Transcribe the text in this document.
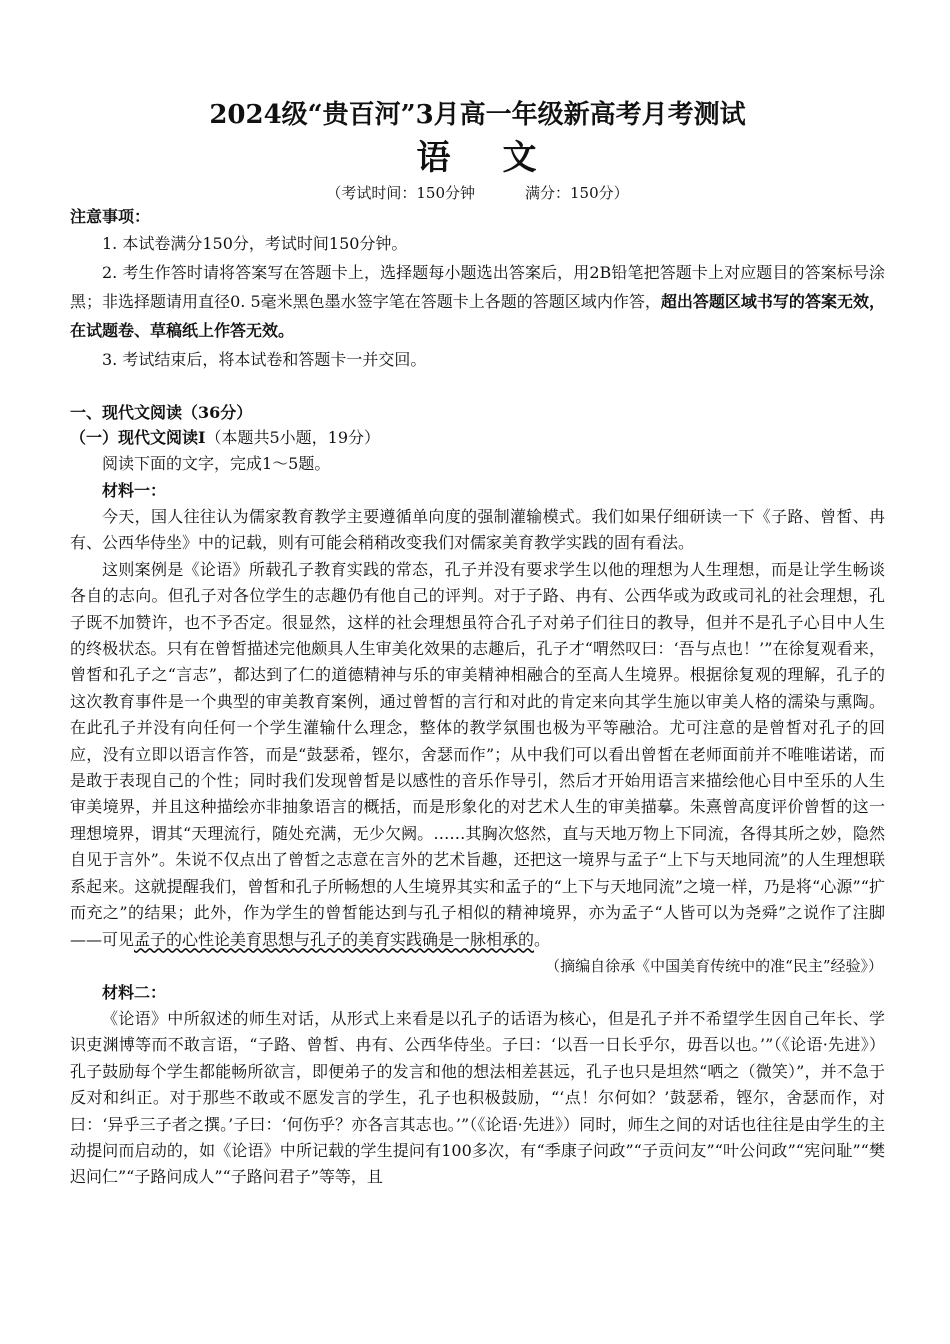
2024级“贵百河”3月高一年级新高考月考测试
语 文

（考试时间：150分钟	满分：150分）

注意事项：

1. 本试卷满分150分，考试时间150分钟。

2. 考生作答时请将答案写在答题卡上，选择题每小题选出答案后，用2B铅笔把答题卡上对应题目的答案标号涂黑；非选择题请用直径0. 5毫米黑色墨水签字笔在答题卡上各题的答题区域内作答，超出答题区域书写的答案无效，在试题卷、草稿纸上作答无效。

3. 考试结束后，将本试卷和答题卡一并交回。

一、现代文阅读（36分）

（一）现代文阅读Ⅰ（本题共5小题，19分）

阅读下面的文字，完成1～5题。

材料一：

今天，国人往往认为儒家教育教学主要遵循单向度的强制灌输模式。我们如果仔细研读一下《子路、曾皙、冉有、公西华侍坐》中的记载，则有可能会稍稍改变我们对儒家美育教学实践的固有看法。

这则案例是《论语》所载孔子教育实践的常态，孔子并没有要求学生以他的理想为人生理想，而是让学生畅谈各自的志向。但孔子对各位学生的志趣仍有他自己的评判。对于子路、冉有、公西华或为政或司礼的社会理想，孔子既不加赞许，也不予否定。很显然，这样的社会理想虽符合孔子对弟子们往日的教导，但并不是孔子心目中人生的终极状态。只有在曾皙描述完他颇具人生审美化效果的志趣后，孔子才“喟然叹曰：‘吾与点也！’”在徐复观看来，曾皙和孔子之“言志”，都达到了仁的道德精神与乐的审美精神相融合的至高人生境界。根据徐复观的理解，孔子的这次教育事件是一个典型的审美教育案例，通过曾皙的言行和对此的肯定来向其学生施以审美人格的濡染与熏陶。在此孔子并没有向任何一个学生灌输什么理念，整体的教学氛围也极为平等融洽。尤可注意的是曾皙对孔子的回应，没有立即以语言作答，而是“鼓瑟希，铿尔，舍瑟而作”；从中我们可以看出曾皙在老师面前并不唯唯诺诺，而是敢于表现自己的个性；同时我们发现曾皙是以感性的音乐作导引，然后才开始用语言来描绘他心目中至乐的人生审美境界，并且这种描绘亦非抽象语言的概括，而是形象化的对艺术人生的审美描摹。朱熹曾高度评价曾皙的这一理想境界，谓其“天理流行，随处充满，无少欠阙。……其胸次悠然，直与天地万物上下同流，各得其所之妙，隐然自见于言外”。朱说不仅点出了曾皙之志意在言外的艺术旨趣，还把这一境界与孟子“上下与天地同流”的人生理想联系起来。这就提醒我们，曾皙和孔子所畅想的人生境界其实和孟子的“上下与天地同流”之境一样，乃是将“心源”“扩而充之”的结果；此外，作为学生的曾皙能达到与孔子相似的精神境界，亦为孟子“人皆可以为尧舜”之说作了注脚——可见孟子的心性论美育思想与孔子的美育实践确是一脉相承的。

（摘编自徐承《中国美育传统中的准“民主”经验》）

材料二：

《论语》中所叙述的师生对话，从形式上来看是以孔子的话语为核心，但是孔子并不希望学生因自己年长、学识吏渊博等而不敢言语，“子路、曾皙、冉有、公西华侍坐。子曰：‘以吾一日长乎尔，毋吾以也。’”（《论语·先进》）孔子鼓励每个学生都能畅所欲言，即便弟子的发言和他的想法相差甚远，孔子也只是坦然“哂之（微笑）”，并不急于反对和纠正。对于那些不敢或不愿发言的学生，孔子也积极鼓励，“‘点！尔何如？’鼓瑟希，铿尔，舍瑟而作，对曰：‘异乎三子者之撰。’子曰：‘何伤乎？亦各言其志也。’”（《论语·先进》）同时，师生之间的对话也往往是由学生的主动提问而启动的，如《论语》中所记载的学生提问有100多次，有“季康子问政”“子贡问友”“叶公问政”“宪问耻”“樊迟问仁”“子路问成人”“子路问君子”等等，且
